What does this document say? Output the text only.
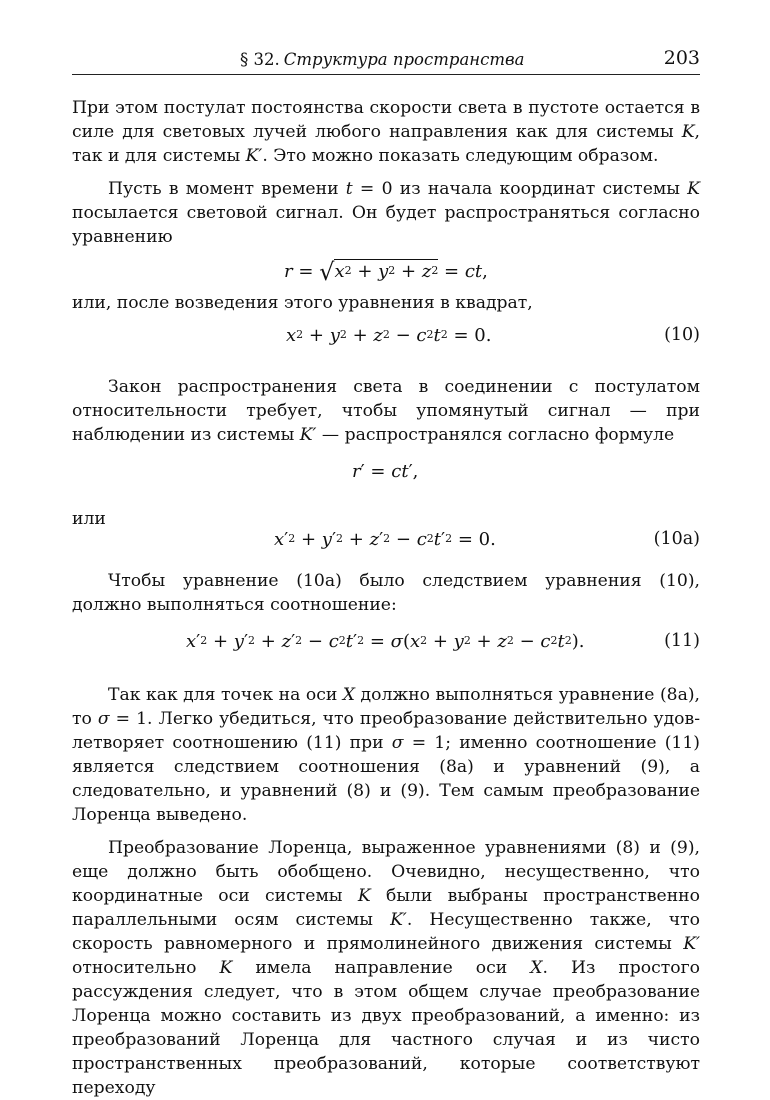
§ 32. Структура пространства	203

При этом постулат постоянства скорости света в пустоте остается в силе для световых лучей любого направления как для системы K, так и для системы K′. Это можно показать следующим образом.

Пусть в момент времени t = 0 из начала координат системы K посылается световой сигнал. Он будет распространяться согласно уравнению

$r = √x^2 + y^2 + z^2$ = ct,

или, после возведения этого уравнения в квадрат,

$x^2 + y^2 + z^2 - c^2t^2 = 0$.	(10)

Закон распространения света в соединении с постулатом относительности требует, чтобы упомянутый сигнал — при наблюдении из системы K′ — распространялся согласно формуле

r′ = ct′,
или
$x'^2 + y'^2 + z'^2 - c^2t'^2 = 0$.	(10a)

Чтобы уравнение (10a) было следствием уравнения (10), должно выполняться соотношение:

$x'^2 + y'^2 + z'^2 - c^2t'^2 = \sigma(x^2 + y^2 + z^2 - c^2t^2)$.	(11)

Так как для точек на оси X должно выполняться уравнение (8a), то σ = 1. Легко убедиться, что преобразование действительно удовлетворяет соотношению (11) при σ = 1; именно соотношение (11) является следствием соотношения (8a) и уравнений (9), а следовательно, и уравнений (8) и (9). Тем самым преобразование Лоренца выведено.

Преобразование Лоренца, выраженное уравнениями (8) и (9), еще должно быть обобщено. Очевидно, несущественно, что координатные оси системы K были выбраны пространственно параллельными осям системы K′. Несущественно также, что скорость равномерного и прямолинейного движения системы K′ относительно K имела направление оси X. Из простого рассуждения следует, что в этом общем случае преобразование Лоренца можно составить из двух преобразований, а именно: из преобразований Лоренца для частного случая и из чисто пространственных преобразований, которые соответствуют переходу
